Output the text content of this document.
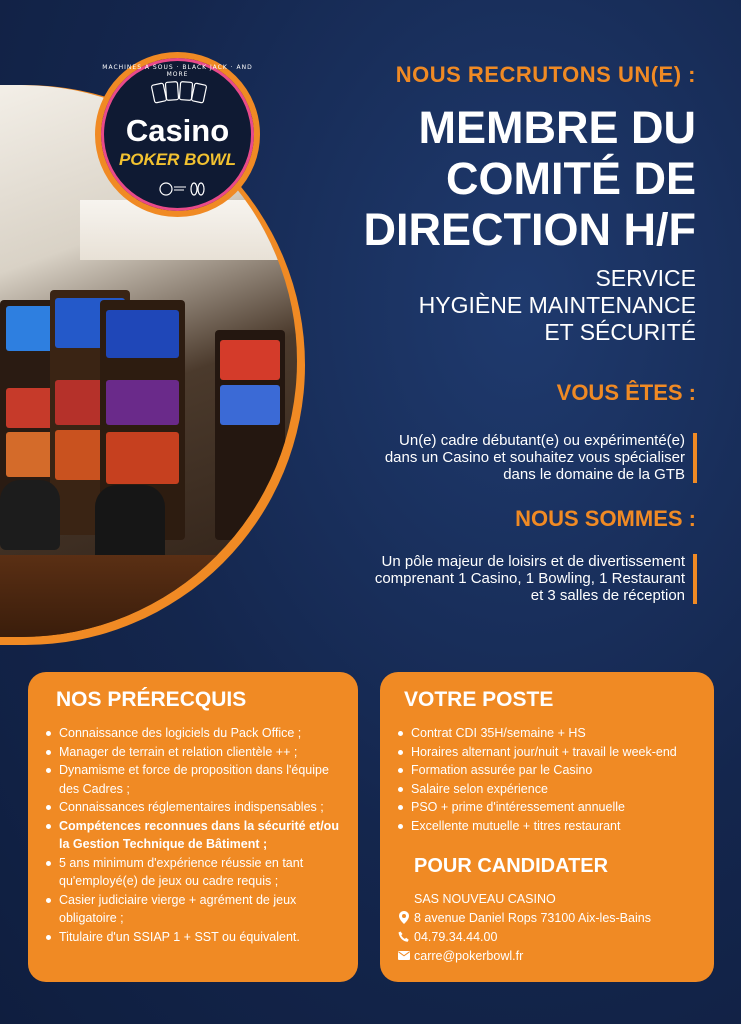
MACHINES A SOUS · BLACK JACK · AND MORE
Casino
POKER BOWL
NOUS RECRUTONS UN(E) :
MEMBRE DU
COMITÉ DE
DIRECTION H/F
SERVICE
HYGIÈNE MAINTENANCE
ET SÉCURITÉ
VOUS ÊTES :
Un(e) cadre débutant(e) ou expérimenté(e)
dans un Casino et souhaitez vous spécialiser
dans le domaine de la GTB
NOUS SOMMES :
Un pôle majeur de loisirs et de divertissement
comprenant 1 Casino, 1 Bowling, 1 Restaurant
et 3 salles de réception
NOS PRÉRECQUIS
Connaissance des logiciels du Pack Office ;
Manager de terrain et relation clientèle ++ ;
Dynamisme et force de proposition dans l'équipe des Cadres ;
Connaissances réglementaires indispensables ;
Compétences reconnues dans la sécurité et/ou la Gestion Technique de Bâtiment ;
5 ans minimum d'expérience réussie en tant qu'employé(e) de jeux ou cadre requis ;
Casier judiciaire vierge + agrément de jeux obligatoire ;
Titulaire d'un SSIAP 1 + SST ou équivalent.
VOTRE POSTE
Contrat CDI 35H/semaine + HS
Horaires alternant jour/nuit + travail le week-end
Formation assurée par le Casino
Salaire selon expérience
PSO + prime d'intéressement annuelle
Excellente mutuelle + titres restaurant
POUR CANDIDATER
SAS NOUVEAU CASINO
8 avenue Daniel Rops 73100 Aix-les-Bains
04.79.34.44.00
carre@pokerbowl.fr
